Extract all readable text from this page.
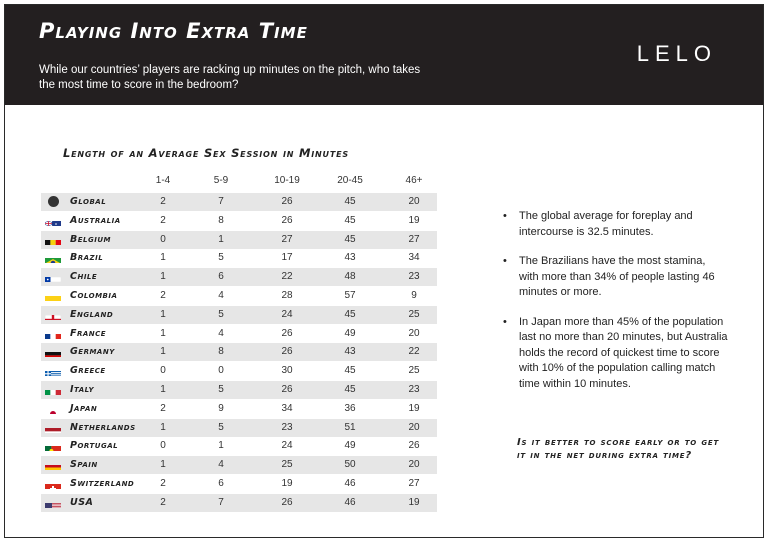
Playing Into Extra Time
While our countries’ players are racking up minutes on the pitch, who takes the most time to score in the bedroom?
LELO
Length of an Average Sex Session in Minutes
1-4	5-9	10-19	20-45	46+
Global	2	7	26	45	20
Australia	2	8	26	45	19
Belgium	0	1	27	45	27
Brazil	1	5	17	43	34
Chile	1	6	22	48	23
Colombia	2	4	28	57	9
England	1	5	24	45	25
France	1	4	26	49	20
Germany	1	8	26	43	22
Greece	0	0	30	45	25
Italy	1	5	26	45	23
Japan	2	9	34	36	19
Netherlands	1	5	23	51	20
Portugal	0	1	24	49	26
Spain	1	4	25	50	20
Switzerland	2	6	19	46	27
USA	2	7	26	46	19
• The global average for foreplay and intercourse is 32.5 minutes.
• The Brazilians have the most stamina, with more than 34% of people lasting 46 minutes or more.
• In Japan more than 45% of the population last no more than 20 minutes, but Australia holds the record of quickest time to score with 10% of the population calling match time within 10 minutes.
Is it better to score early or to get it in the net during extra time?
